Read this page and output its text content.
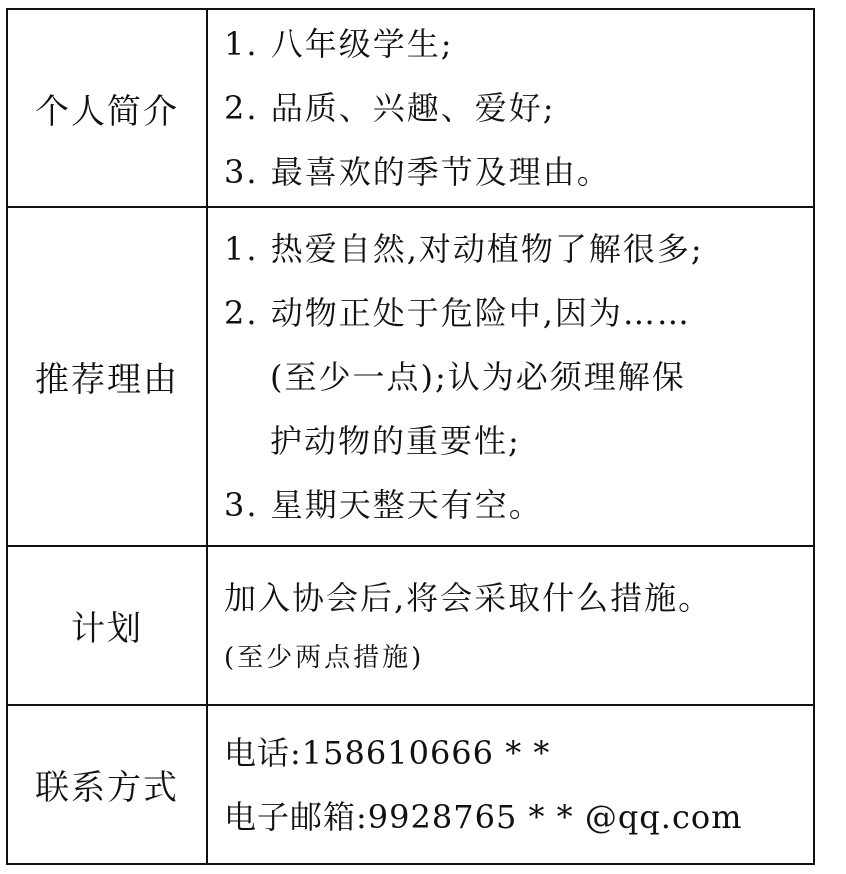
个人简介	1. 八年级学生;
2. 品质、兴趣、爱好;
3. 最喜欢的季节及理由。

推荐理由	1. 热爱自然,对动植物了解很多;
2. 动物正处于危险中,因为……
(至少一点);认为必须理解保
护动物的重要性;
3. 星期天整天有空。

计划	加入协会后,将会采取什么措施。
(至少两点措施)

联系方式	电话:158610666 * *
电子邮箱:9928765 * * @qq.com
